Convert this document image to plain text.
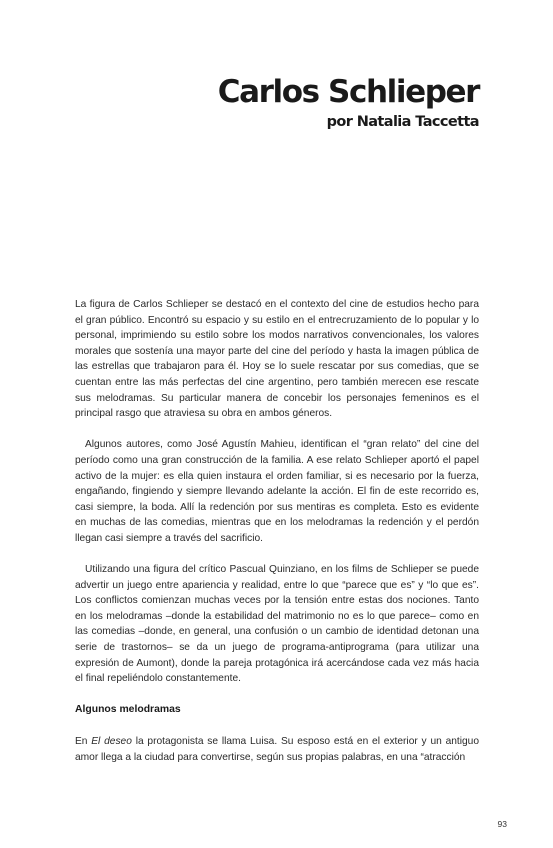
Carlos Schlieper
por Natalia Taccetta

La figura de Carlos Schlieper se destacó en el contexto del cine de estudios hecho para el gran público. Encontró su espacio y su estilo en el entrecruzamiento de lo popular y lo personal, imprimiendo su estilo sobre los modos narrativos convencionales, los valores morales que sostenía una mayor parte del cine del período y hasta la imagen pública de las estrellas que trabajaron para él. Hoy se lo suele rescatar por sus comedias, que se cuentan entre las más perfectas del cine argentino, pero también merecen ese rescate sus melodramas. Su particular manera de concebir los personajes femeninos es el principal rasgo que atraviesa su obra en ambos géneros.

Algunos autores, como José Agustín Mahieu, identifican el “gran relato” del cine del período como una gran construcción de la familia. A ese relato Schlieper aportó el papel activo de la mujer: es ella quien instaura el orden familiar, si es necesario por la fuerza, engañando, fingiendo y siempre llevando adelante la acción. El fin de este recorrido es, casi siempre, la boda. Allí la redención por sus mentiras es completa. Esto es evidente en muchas de las comedias, mientras que en los melodramas la redención y el perdón llegan casi siempre a través del sacrificio.

Utilizando una figura del crítico Pascual Quinziano, en los films de Schlieper se puede advertir un juego entre apariencia y realidad, entre lo que “parece que es” y “lo que es”. Los conflictos comienzan muchas veces por la tensión entre estas dos nociones. Tanto en los melodramas –donde la estabilidad del matrimonio no es lo que parece– como en las comedias –donde, en general, una confusión o un cambio de identidad detonan una serie de trastornos– se da un juego de programa-antiprograma (para utilizar una expresión de Aumont), donde la pareja protagónica irá acercándose cada vez más hacia el final repeliéndolo constantemente.

Algunos melodramas

En El deseo la protagonista se llama Luisa. Su esposo está en el exterior y un antiguo amor llega a la ciudad para convertirse, según sus propias palabras, en una “atracción

93
